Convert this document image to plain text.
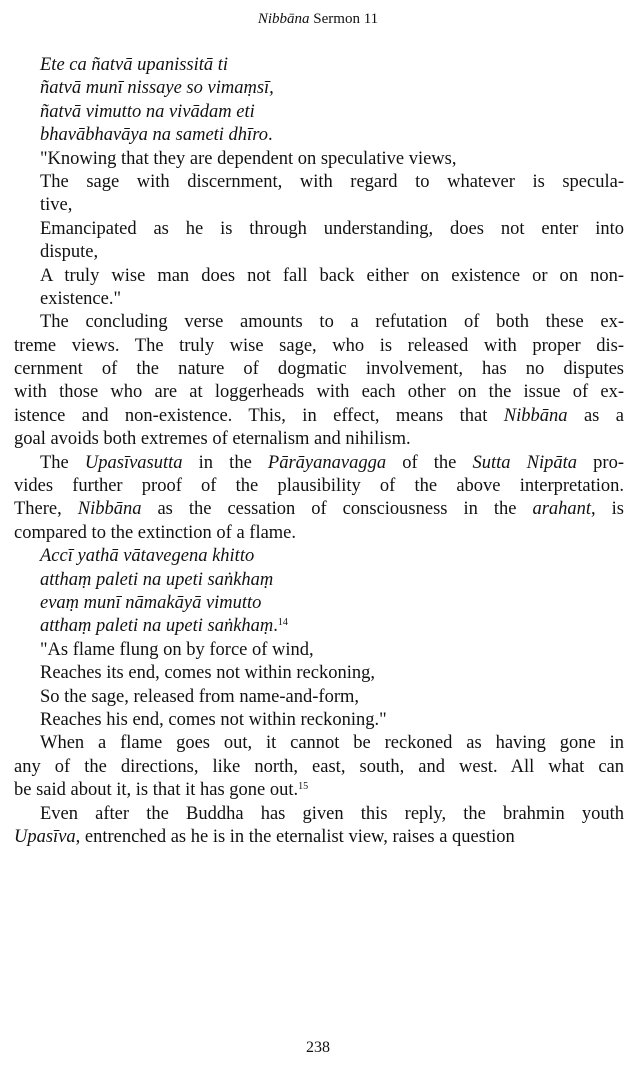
Nibbāna Sermon 11
Ete ca ñatvā upanissitā ti
ñatvā munī nissaye so vimaṃsī,
ñatvā vimutto na vivādam eti
bhavābhavāya na sameti dhīro.
"Knowing that they are dependent on speculative views,
The sage with discernment, with regard to whatever is specula-
tive,
Emancipated as he is through understanding, does not enter into
dispute,
A truly wise man does not fall back either on existence or on non-
existence."
The concluding verse amounts to a refutation of both these ex-
treme views. The truly wise sage, who is released with proper dis-
cernment of the nature of dogmatic involvement, has no disputes
with those who are at loggerheads with each other on the issue of ex-
istence and non-existence. This, in effect, means that Nibbāna as a
goal avoids both extremes of eternalism and nihilism.
The Upasīvasutta in the Pārāyanavagga of the Sutta Nipāta pro-
vides further proof of the plausibility of the above interpretation.
There, Nibbāna as the cessation of consciousness in the arahant, is
compared to the extinction of a flame.
Accī yathā vātavegena khitto
atthaṃ paleti na upeti saṅkhaṃ
evaṃ munī nāmakāyā vimutto
atthaṃ paleti na upeti saṅkhaṃ.$^{14}$
"As flame flung on by force of wind,
Reaches its end, comes not within reckoning,
So the sage, released from name-and-form,
Reaches his end, comes not within reckoning."
When a flame goes out, it cannot be reckoned as having gone in
any of the directions, like north, east, south, and west. All what can
be said about it, is that it has gone out.$^{15}$
Even after the Buddha has given this reply, the brahmin youth
Upasīva, entrenched as he is in the eternalist view, raises a question
238
